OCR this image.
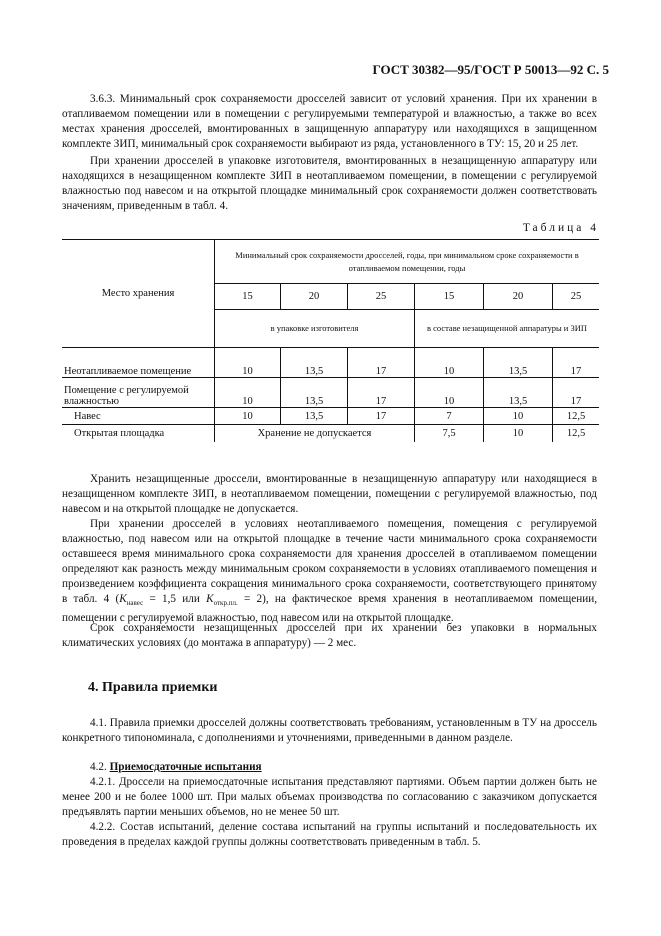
ГОСТ 30382—95/ГОСТ Р 50013—92 С. 5

3.6.3. Минимальный срок сохраняемости дросселей зависит от условий хранения. При их хранении в отапливаемом помещении или в помещении с регулируемыми температурой и влажностью, а также во всех местах хранения дросселей, вмонтированных в защищенную аппаратуру или находящихся в защищенном комплекте ЗИП, минимальный срок сохраняемости выбирают из ряда, установленного в ТУ: 15, 20 и 25 лет.

При хранении дросселей в упаковке изготовителя, вмонтированных в незащищенную аппаратуру или находящихся в незащищенном комплекте ЗИП в неотапливаемом помещении, в помещении с регулируемой влажностью под навесом и на открытой площадке минимальный срок сохраняемости должен соответствовать значениям, приведенным в табл. 4.

Таблица 4
Место хранения	Минимальный срок сохраняемости дросселей, годы, при минимальном сроке сохраняемости в отапливаемом помещении, годы					
	15	20	25	15	20	25
	в упаковке изготовителя			в составе незащищенной аппаратуры и ЗИП		
Неотапливаемое помещение	10	13,5	17	10	13,5	17
Помещение с регулируемой влажностью	10	13,5	17	10	13,5	17
Навес	10	13,5	17	7	10	12,5
Открытая площадка	Хранение не допускается			7,5	10	12,5

Хранить незащищенные дроссели, вмонтированные в незащищенную аппаратуру или находящиеся в незащищенном комплекте ЗИП, в неотапливаемом помещении, помещении с регулируемой влажностью, под навесом и на открытой площадке не допускается.

При хранении дросселей в условиях неотапливаемого помещения, помещения с регулируемой влажностью, под навесом или на открытой площадке в течение части минимального срока сохраняемости оставшееся время минимального срока сохраняемости для хранения дросселей в отапливаемом помещении определяют как разность между минимальным сроком сохраняемости в условиях отапливаемого помещения и произведением коэффициента сокращения минимального срока сохраняемости, соответствующего принятому в табл. 4 ($K_{навес} = 1,5$ или $K_{откр.пл.} = 2$), на фактическое время хранения в неотапливаемом помещении, помещении с регулируемой влажностью, под навесом или на открытой площадке.

Срок сохраняемости незащищенных дросселей при их хранении без упаковки в нормальных климатических условиях (до монтажа в аппаратуру) — 2 мес.

4. Правила приемки

4.1. Правила приемки дросселей должны соответствовать требованиям, установленным в ТУ на дроссель конкретного типономинала, с дополнениями и уточнениями, приведенными в данном разделе.

4.2. Приемосдаточные испытания

4.2.1. Дроссели на приемосдаточные испытания представляют партиями. Объем партии должен быть не менее 200 и не более 1000 шт. При малых объемах производства по согласованию с заказчиком допускается предъявлять партии меньших объемов, но не менее 50 шт.

4.2.2. Состав испытаний, деление состава испытаний на группы испытаний и последовательность их проведения в пределах каждой группы должны соответствовать приведенным в табл. 5.
